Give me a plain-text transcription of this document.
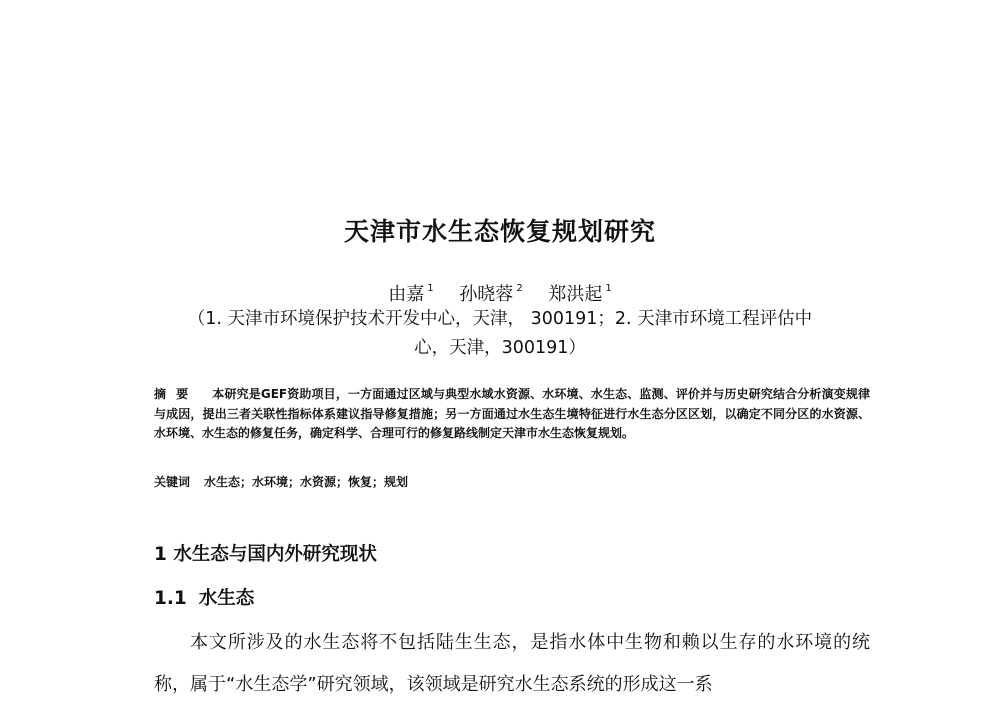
天津市水生态恢复规划研究
由嘉 $^1$ 孙晓蓉 $^2$ 郑洪起 $^1$
（1. 天津市环境保护技术开发中心，天津， 300191；2. 天津市环境工程评估中
心，天津，300191）
摘要 本研究是GEF资助项目，一方面通过区域与典型水域水资源、水环境、水生态、监测、评价并与历史研究结合分析演变规律与成因，提出三者关联性指标体系建议指导修复措施；另一方面通过水生态生境特征进行水生态分区区划，以确定不同分区的水资源、水环境、水生态的修复任务，确定科学、合理可行的修复路线制定天津市水生态恢复规划。
关键词 水生态；水环境；水资源；恢复；规划
1 水生态与国内外研究现状
1.1 水生态
本文所涉及的水生态将不包括陆生生态，是指水体中生物和赖以生存的水环境的统称，属于“水生态学”研究领域，该领域是研究水生态系统的形成这一系
